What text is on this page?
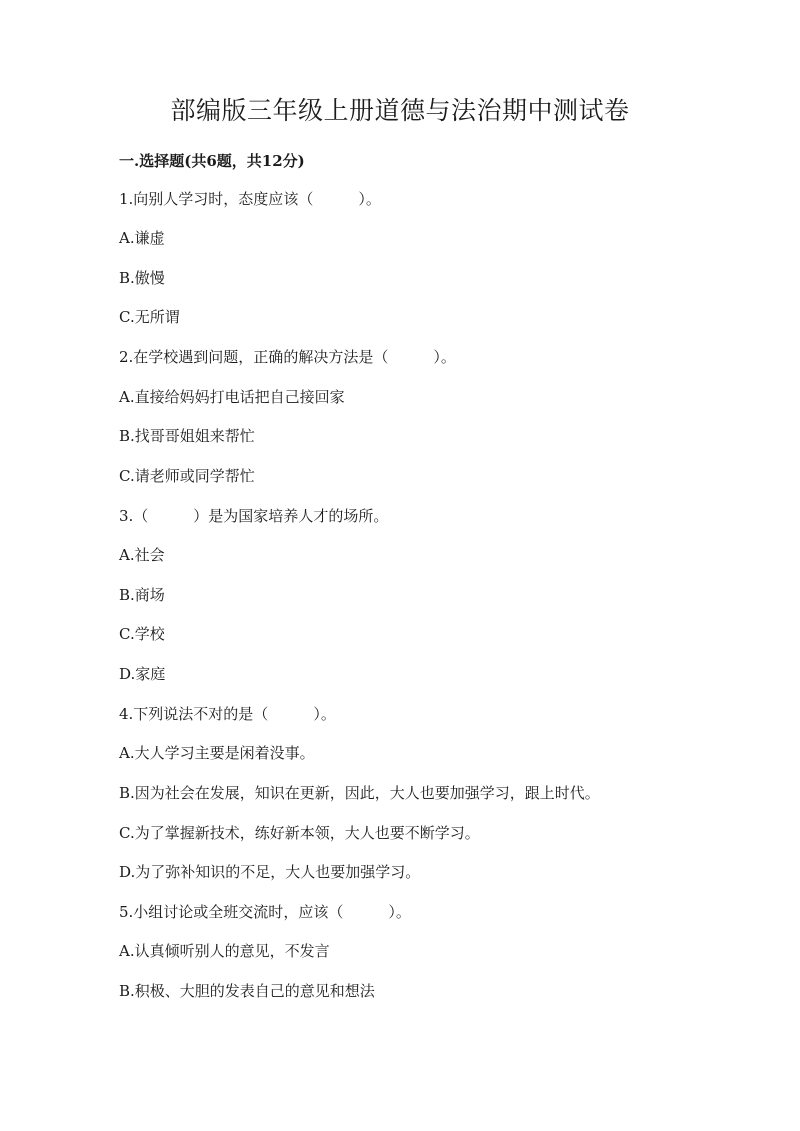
部编版三年级上册道德与法治期中测试卷
一.选择题(共6题，共12分)
1.向别人学习时，态度应该（　　　）。
A.谦虚
B.傲慢
C.无所谓
2.在学校遇到问题，正确的解决方法是（　　　）。
A.直接给妈妈打电话把自己接回家
B.找哥哥姐姐来帮忙
C.请老师或同学帮忙
3.（　　　）是为国家培养人才的场所。
A.社会
B.商场
C.学校
D.家庭
4.下列说法不对的是（　　　）。
A.大人学习主要是闲着没事。
B.因为社会在发展，知识在更新，因此，大人也要加强学习，跟上时代。
C.为了掌握新技术，练好新本领，大人也要不断学习。
D.为了弥补知识的不足，大人也要加强学习。
5.小组讨论或全班交流时，应该（　　　）。
A.认真倾听别人的意见，不发言
B.积极、大胆的发表自己的意见和想法
